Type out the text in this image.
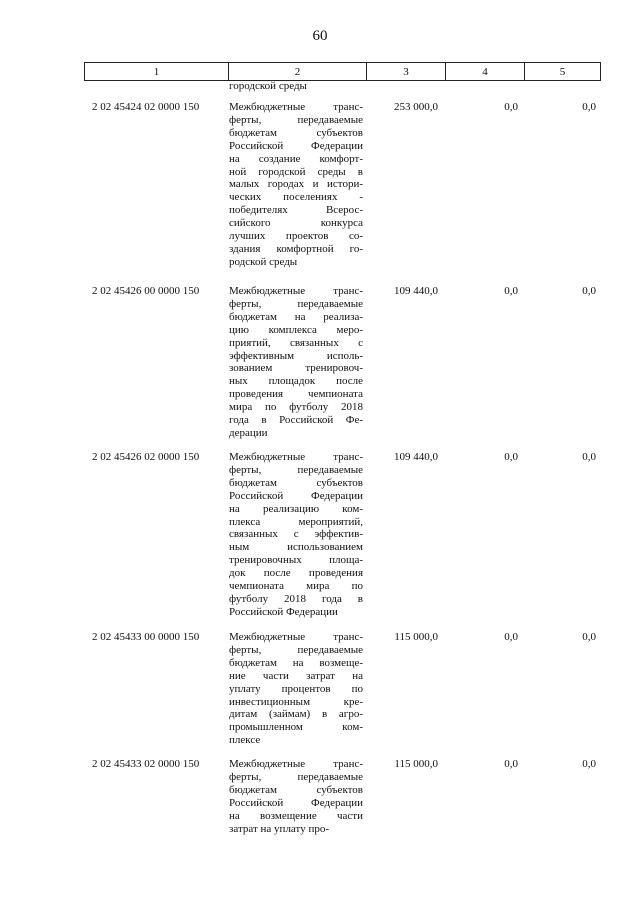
60
1	2	3	4	5
городской среды
2 02 45424 02 0000 150	Межбюджетные транс-
ферты, передаваемые
бюджетам субъектов
Российской Федерации
на создание комфорт-
ной городской среды в
малых городах и истори-
ческих поселениях -
победителях Всерос-
сийского конкурса
лучших проектов со-
здания комфортной го-
родской среды
253 000,0	0,0	0,0
2 02 45426 00 0000 150	Межбюджетные транс-
ферты, передаваемые
бюджетам на реализа-
цию комплекса меро-
приятий, связанных с
эффективным исполь-
зованием тренировоч-
ных площадок после
проведения чемпионата
мира по футболу 2018
года в Российской Фе-
дерации
109 440,0	0,0	0,0
2 02 45426 02 0000 150	Межбюджетные транс-
ферты, передаваемые
бюджетам субъектов
Российской Федерации
на реализацию ком-
плекса мероприятий,
связанных с эффектив-
ным использованием
тренировочных площа-
док после проведения
чемпионата мира по
футболу 2018 года в
Российской Федерации
109 440,0	0,0	0,0
2 02 45433 00 0000 150	Межбюджетные транс-
ферты, передаваемые
бюджетам на возмеще-
ние части затрат на
уплату процентов по
инвестиционным кре-
дитам (займам) в агро-
промышленном ком-
плексе
115 000,0	0,0	0,0
2 02 45433 02 0000 150	Межбюджетные транс-
ферты, передаваемые
бюджетам субъектов
Российской Федерации
на возмещение части
затрат на уплату про-
115 000,0	0,0	0,0
